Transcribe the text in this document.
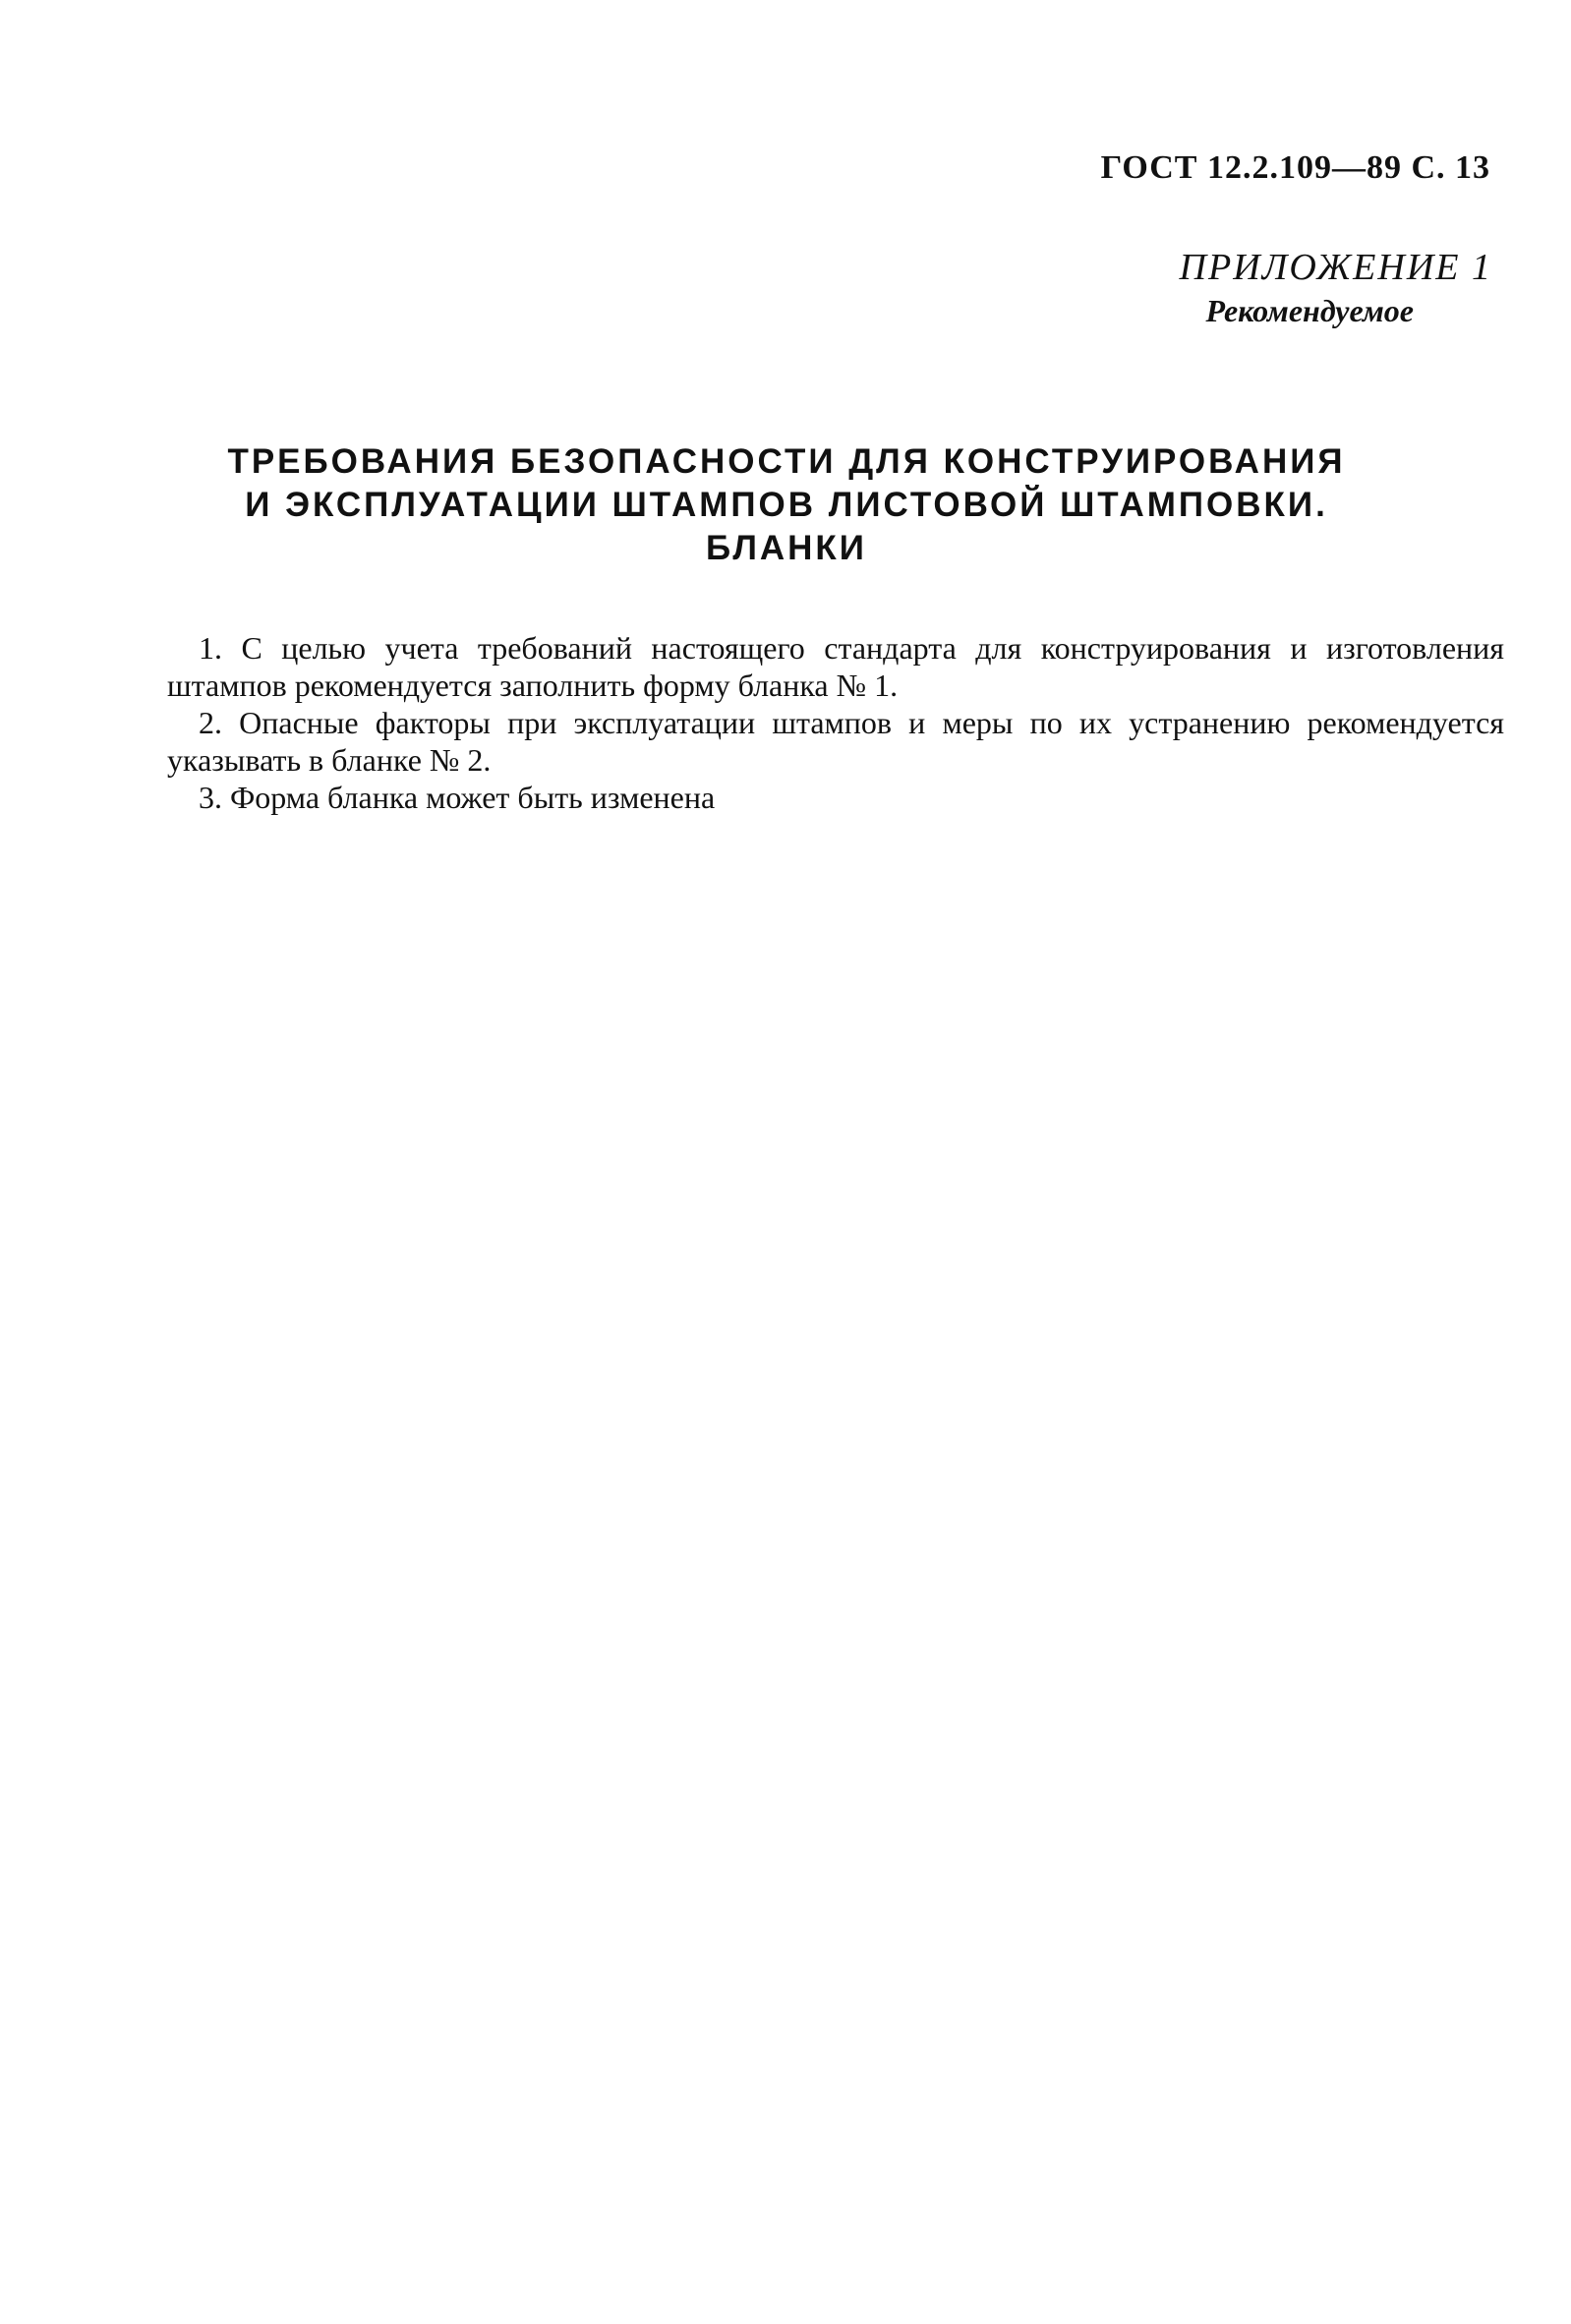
ГОСТ 12.2.109—89 С. 13
ПРИЛОЖЕНИЕ 1
Рекомендуемое
ТРЕБОВАНИЯ БЕЗОПАСНОСТИ ДЛЯ КОНСТРУИРОВАНИЯ
И ЭКСПЛУАТАЦИИ ШТАМПОВ ЛИСТОВОЙ ШТАМПОВКИ.
БЛАНКИ

1. С целью учета требований настоящего стандарта для конструирования и изготовления штампов рекомендуется заполнить форму бланка № 1.

2. Опасные факторы при эксплуатации штампов и меры по их устранению рекомендуется указывать в бланке № 2.

3. Форма бланка может быть изменена
